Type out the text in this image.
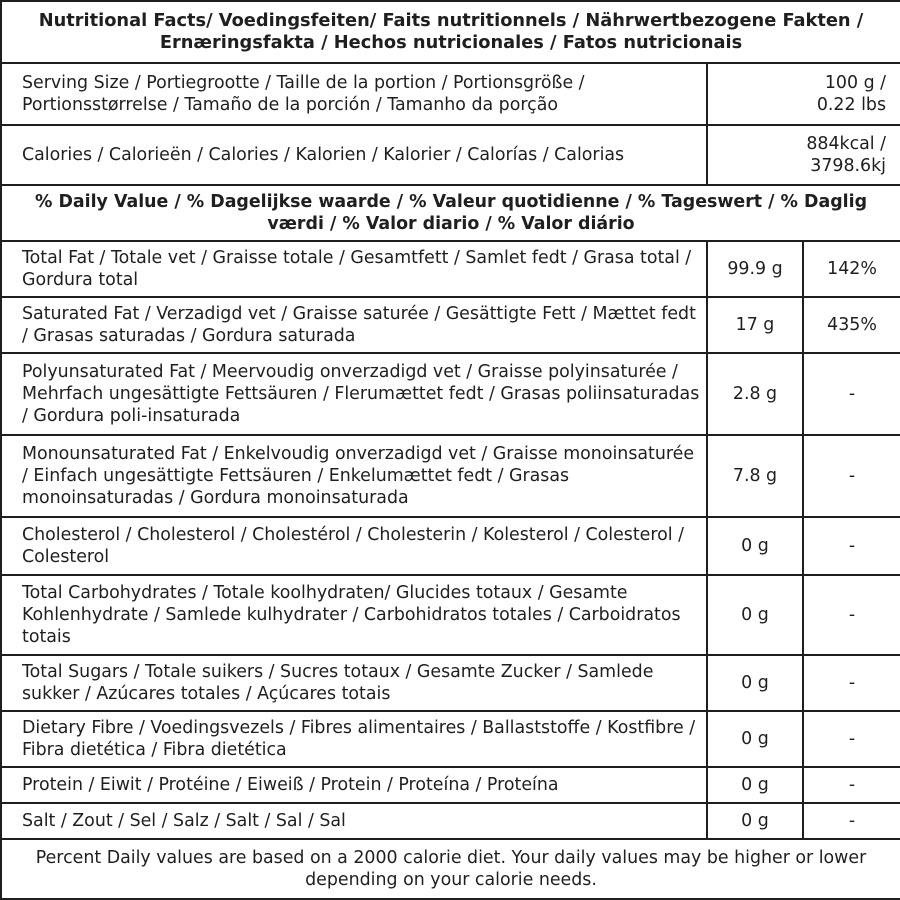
Nutritional Facts/ Voedingsfeiten/ Faits nutritionnels / Nährwertbezogene Fakten / Ernæringsfakta / Hechos nutricionales / Fatos nutricionais		
Serving Size / Portiegrootte / Taille de la portion / Portionsgröße / Portionsstørrelse / Tamaño de la porción / Tamanho da porção	100 g /
0.22 lbs	

Calories / Calorieën / Calories / Kalorien / Kalorier / Calorías / Calorias	884kcal /
3798.6kj	

% Daily Value / % Dagelijkse waarde / % Valeur quotidienne / % Tageswert / % Daglig værdi / % Valor diario / % Valor diário		
Total Fat / Totale vet / Graisse totale / Gesamtfett / Samlet fedt / Grasa total / Gordura total	99.9 g	142%
Saturated Fat / Verzadigd vet / Graisse saturée / Gesättigte Fett / Mættet fedt / Grasas saturadas / Gordura saturada	17 g	435%
Polyunsaturated Fat / Meervoudig onverzadigd vet / Graisse polyinsaturée / Mehrfach ungesättigte Fettsäuren / Flerumættet fedt / Grasas poliinsaturadas / Gordura poli-insaturada	2.8 g	-
Monounsaturated Fat / Enkelvoudig onverzadigd vet / Graisse monoinsaturée / Einfach ungesättigte Fettsäuren / Enkelumættet fedt / Grasas monoinsaturadas / Gordura monoinsaturada	7.8 g	-
Cholesterol / Cholesterol / Cholestérol / Cholesterin / Kolesterol / Colesterol / Colesterol	0 g	-
Total Carbohydrates / Totale koolhydraten/ Glucides totaux / Gesamte Kohlenhydrate / Samlede kulhydrater / Carbohidratos totales / Carboidratos totais	0 g	-
Total Sugars / Totale suikers / Sucres totaux / Gesamte Zucker / Samlede sukker / Azúcares totales / Açúcares totais	0 g	-
Dietary Fibre / Voedingsvezels / Fibres alimentaires / Ballaststoffe / Kostfibre / Fibra dietética / Fibra dietética	0 g	-
Protein / Eiwit / Protéine / Eiweiß / Protein / Proteína / Proteína	0 g	-
Salt / Zout / Sel / Salz / Salt / Sal / Sal	0 g	-
Percent Daily values are based on a 2000 calorie diet. Your daily values may be higher or lower depending on your calorie needs.		
